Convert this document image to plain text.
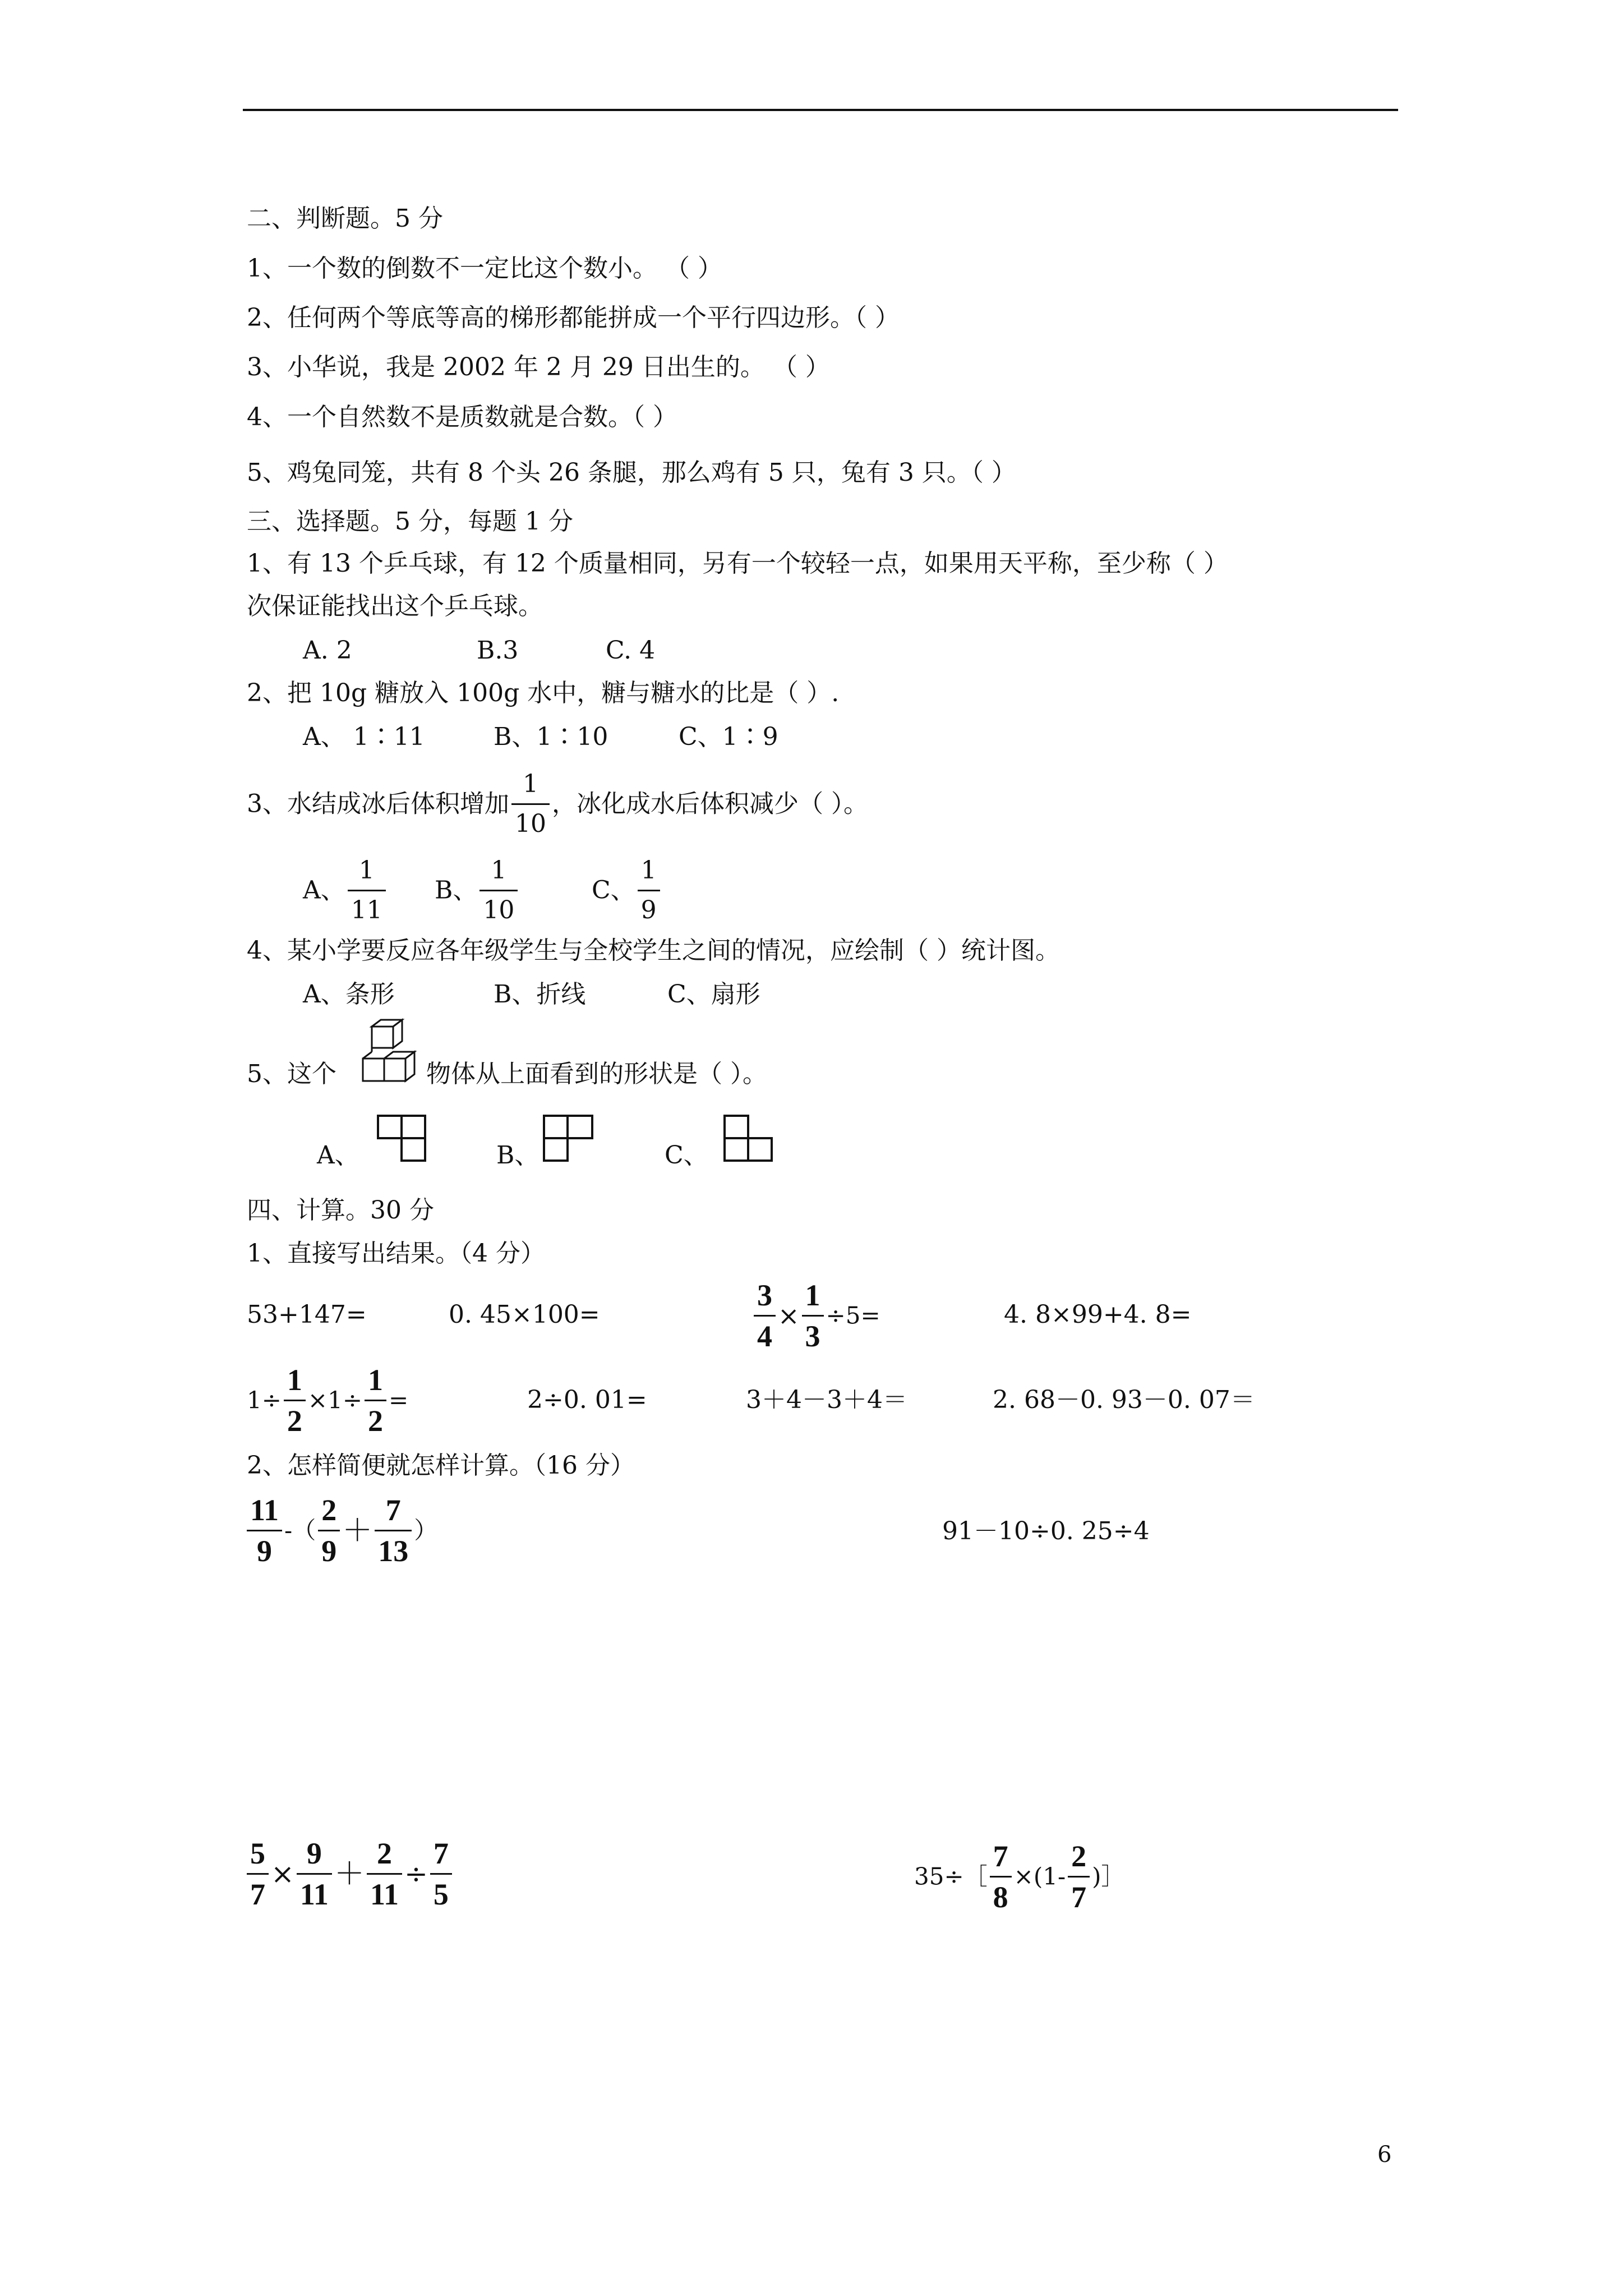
二、判断题。5 分
1、一个数的倒数不一定比这个数小。 （ ）
2、任何两个等底等高的梯形都能拼成一个平行四边形。（ ）
3、小华说，我是 2002 年 2 月 29 日出生的。 （ ）
4、一个自然数不是质数就是合数。（ ）
5、鸡兔同笼，共有 8 个头 26 条腿，那么鸡有 5 只，兔有 3 只。（ ）
三、选择题。5 分，每题 1 分
1、有 13 个乒乓球，有 12 个质量相同，另有一个较轻一点，如果用天平称，至少称（ ）
次保证能找出这个乒乓球。
A. 2	B.3	C. 4
2、把 10g 糖放入 100g 水中，糖与糖水的比是（ ）.
A、 1∶11	B、1∶10	C、1∶9
3、水结成冰后体积增加 $\frac{1}{10}$ ，冰化成水后体积减少（ ）。
A、 $\frac{1}{11}$ B、 $\frac{1}{10}$	C、 $\frac{1}{9}$
4、某小学要反应各年级学生与全校学生之间的情况，应绘制（ ）统计图。
A、条形	B、折线	C、扇形
5、这个	物体从上面看到的形状是（ ）。
A、	B、	C、
四、计算。30 分
1、直接写出结果。（4 分）
53+147=	0. 45×100=	$\frac{3}{4} \times \frac{1}{3} \div 5=$	4. 8×99+4. 8=
$1\div \frac{1}{2} \times 1\div \frac{1}{2}$ =	2÷0. 01=	3＋4－3＋4＝	2. 68－0. 93－0. 07＝
2、怎样简便就怎样计算。（16 分）
$\frac{11}{9}$ -（ $\frac{2}{9} + \frac{7}{13}$ ）	91－10÷0. 25÷4
$\frac{5}{7} \times \frac{9}{11} + \frac{2}{11} \div \frac{7}{5}$	35÷［ $\frac{7}{8} \times(1- \frac{2}{7}$ )］
6
